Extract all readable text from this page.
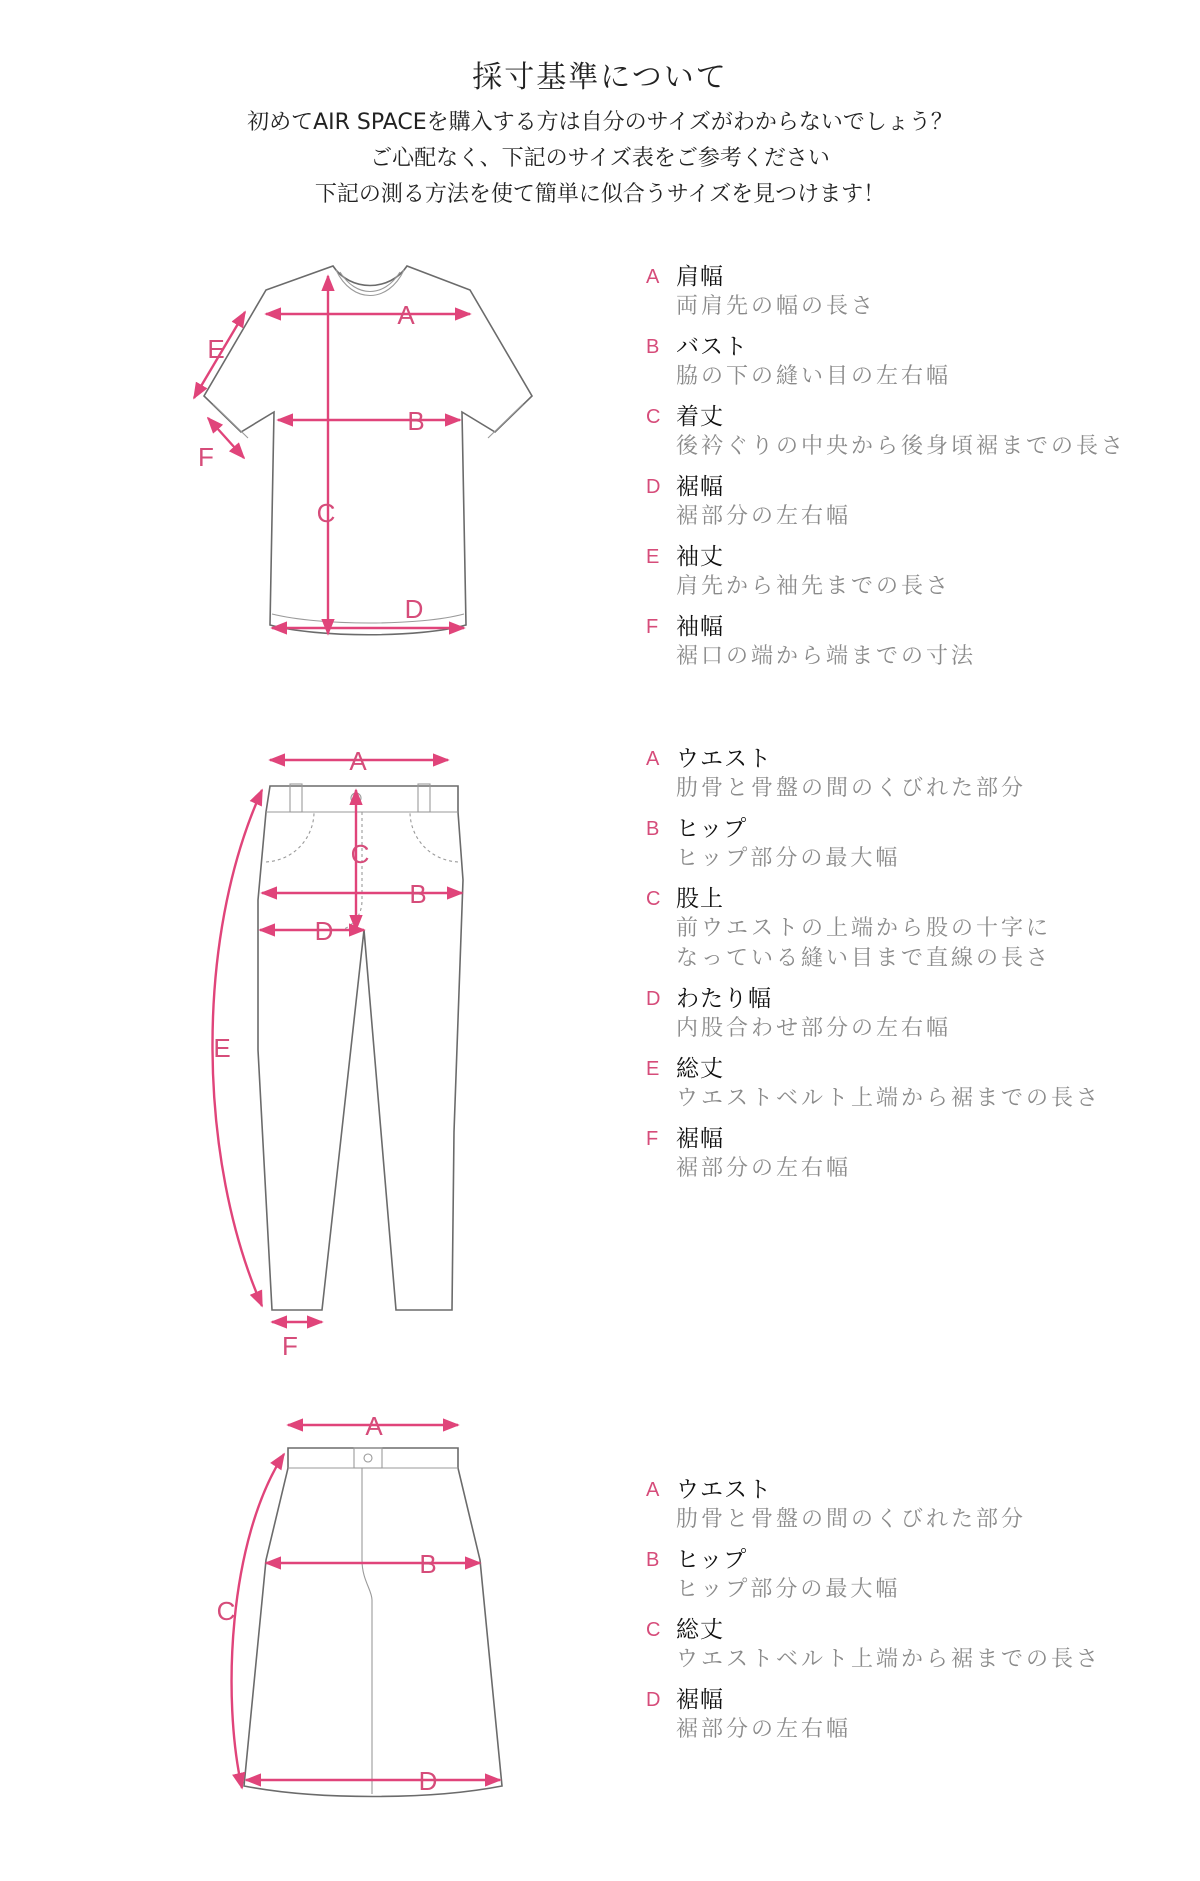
採寸基準について
初めてAIR SPACEを購入する方は自分のサイズがわからないでしょう？
ご心配なく、下記のサイズ表をご参考ください
下記の測る方法を使て簡単に似合うサイズを見つけます！
A
B
C
D
E
F
A
B
C
D
E
F
A
B
C
D
A 肩幅
両肩先の幅の長さ
B バスト
脇の下の縫い目の左右幅
C 着丈
後衿ぐりの中央から後身頃裾までの長さ
D 裾幅
裾部分の左右幅
E 袖丈
肩先から袖先までの長さ
F 袖幅
裾口の端から端までの寸法
A ウエスト
肋骨と骨盤の間のくびれた部分
B ヒップ
ヒップ部分の最大幅
C 股上
前ウエストの上端から股の十字に
なっている縫い目まで直線の長さ
D わたり幅
内股合わせ部分の左右幅
E 総丈
ウエストベルト上端から裾までの長さ
F 裾幅
裾部分の左右幅
A ウエスト
肋骨と骨盤の間のくびれた部分
B ヒップ
ヒップ部分の最大幅
C 総丈
ウエストベルト上端から裾までの長さ
D 裾幅
裾部分の左右幅
